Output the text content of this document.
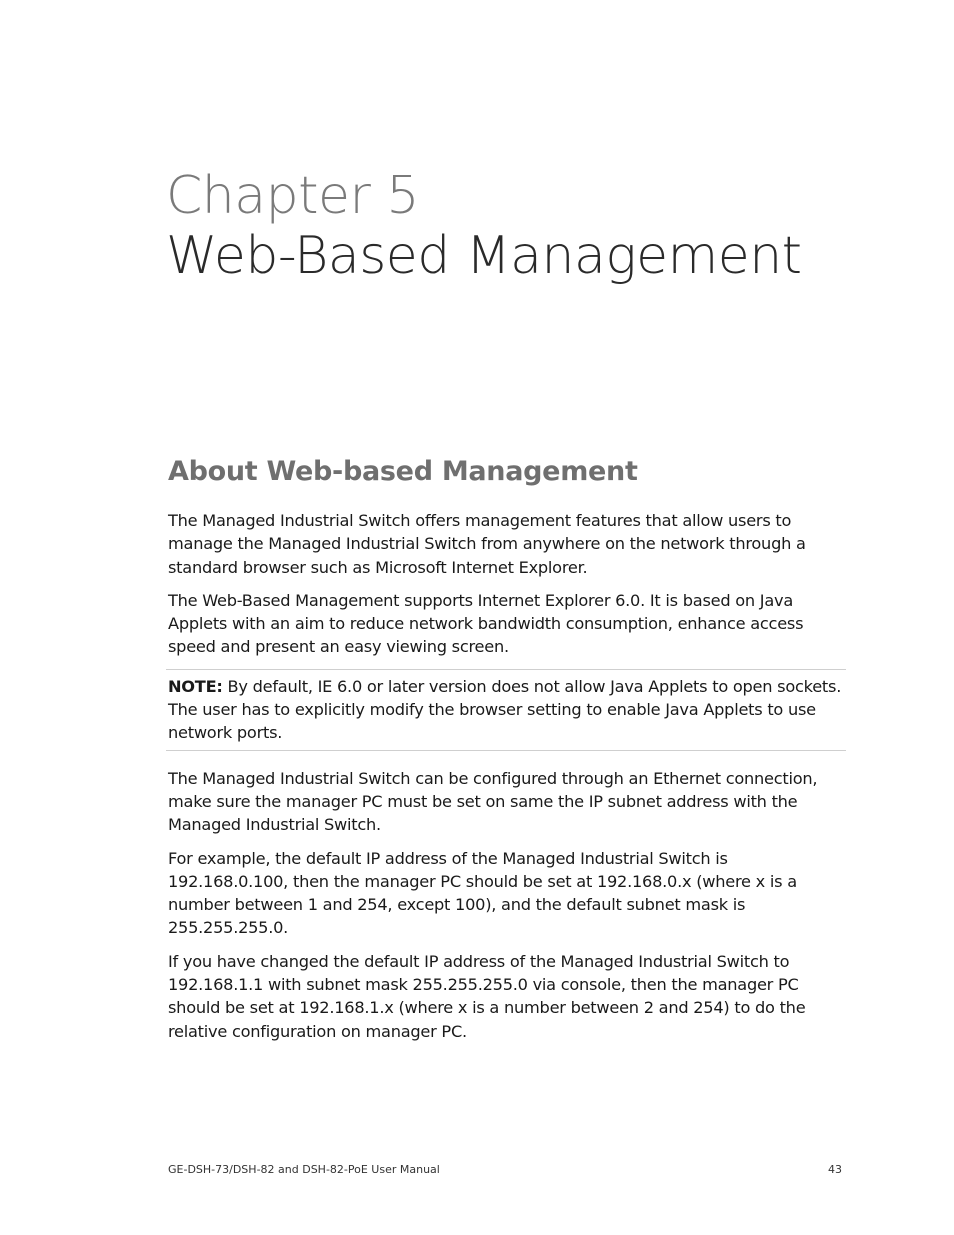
Chapter 5
Web-Based Management
About Web-based Management

The Managed Industrial Switch offers management features that allow users to manage the Managed Industrial Switch from anywhere on the network through a standard browser such as Microsoft Internet Explorer.

The Web-Based Management supports Internet Explorer 6.0. It is based on Java Applets with an aim to reduce network bandwidth consumption, enhance access speed and present an easy viewing screen.

NOTE: By default, IE 6.0 or later version does not allow Java Applets to open sockets. The user has to explicitly modify the browser setting to enable Java Applets to use network ports.

The Managed Industrial Switch can be configured through an Ethernet connection, make sure the manager PC must be set on same the IP subnet address with the Managed Industrial Switch.

For example, the default IP address of the Managed Industrial Switch is 192.168.0.100, then the manager PC should be set at 192.168.0.x (where x is a number between 1 and 254, except 100), and the default subnet mask is 255.255.255.0.

If you have changed the default IP address of the Managed Industrial Switch to 192.168.1.1 with subnet mask 255.255.255.0 via console, then the manager PC should be set at 192.168.1.x (where x is a number between 2 and 254) to do the relative configuration on manager PC.

GE-DSH-73/DSH-82 and DSH-82-PoE User Manual	43
